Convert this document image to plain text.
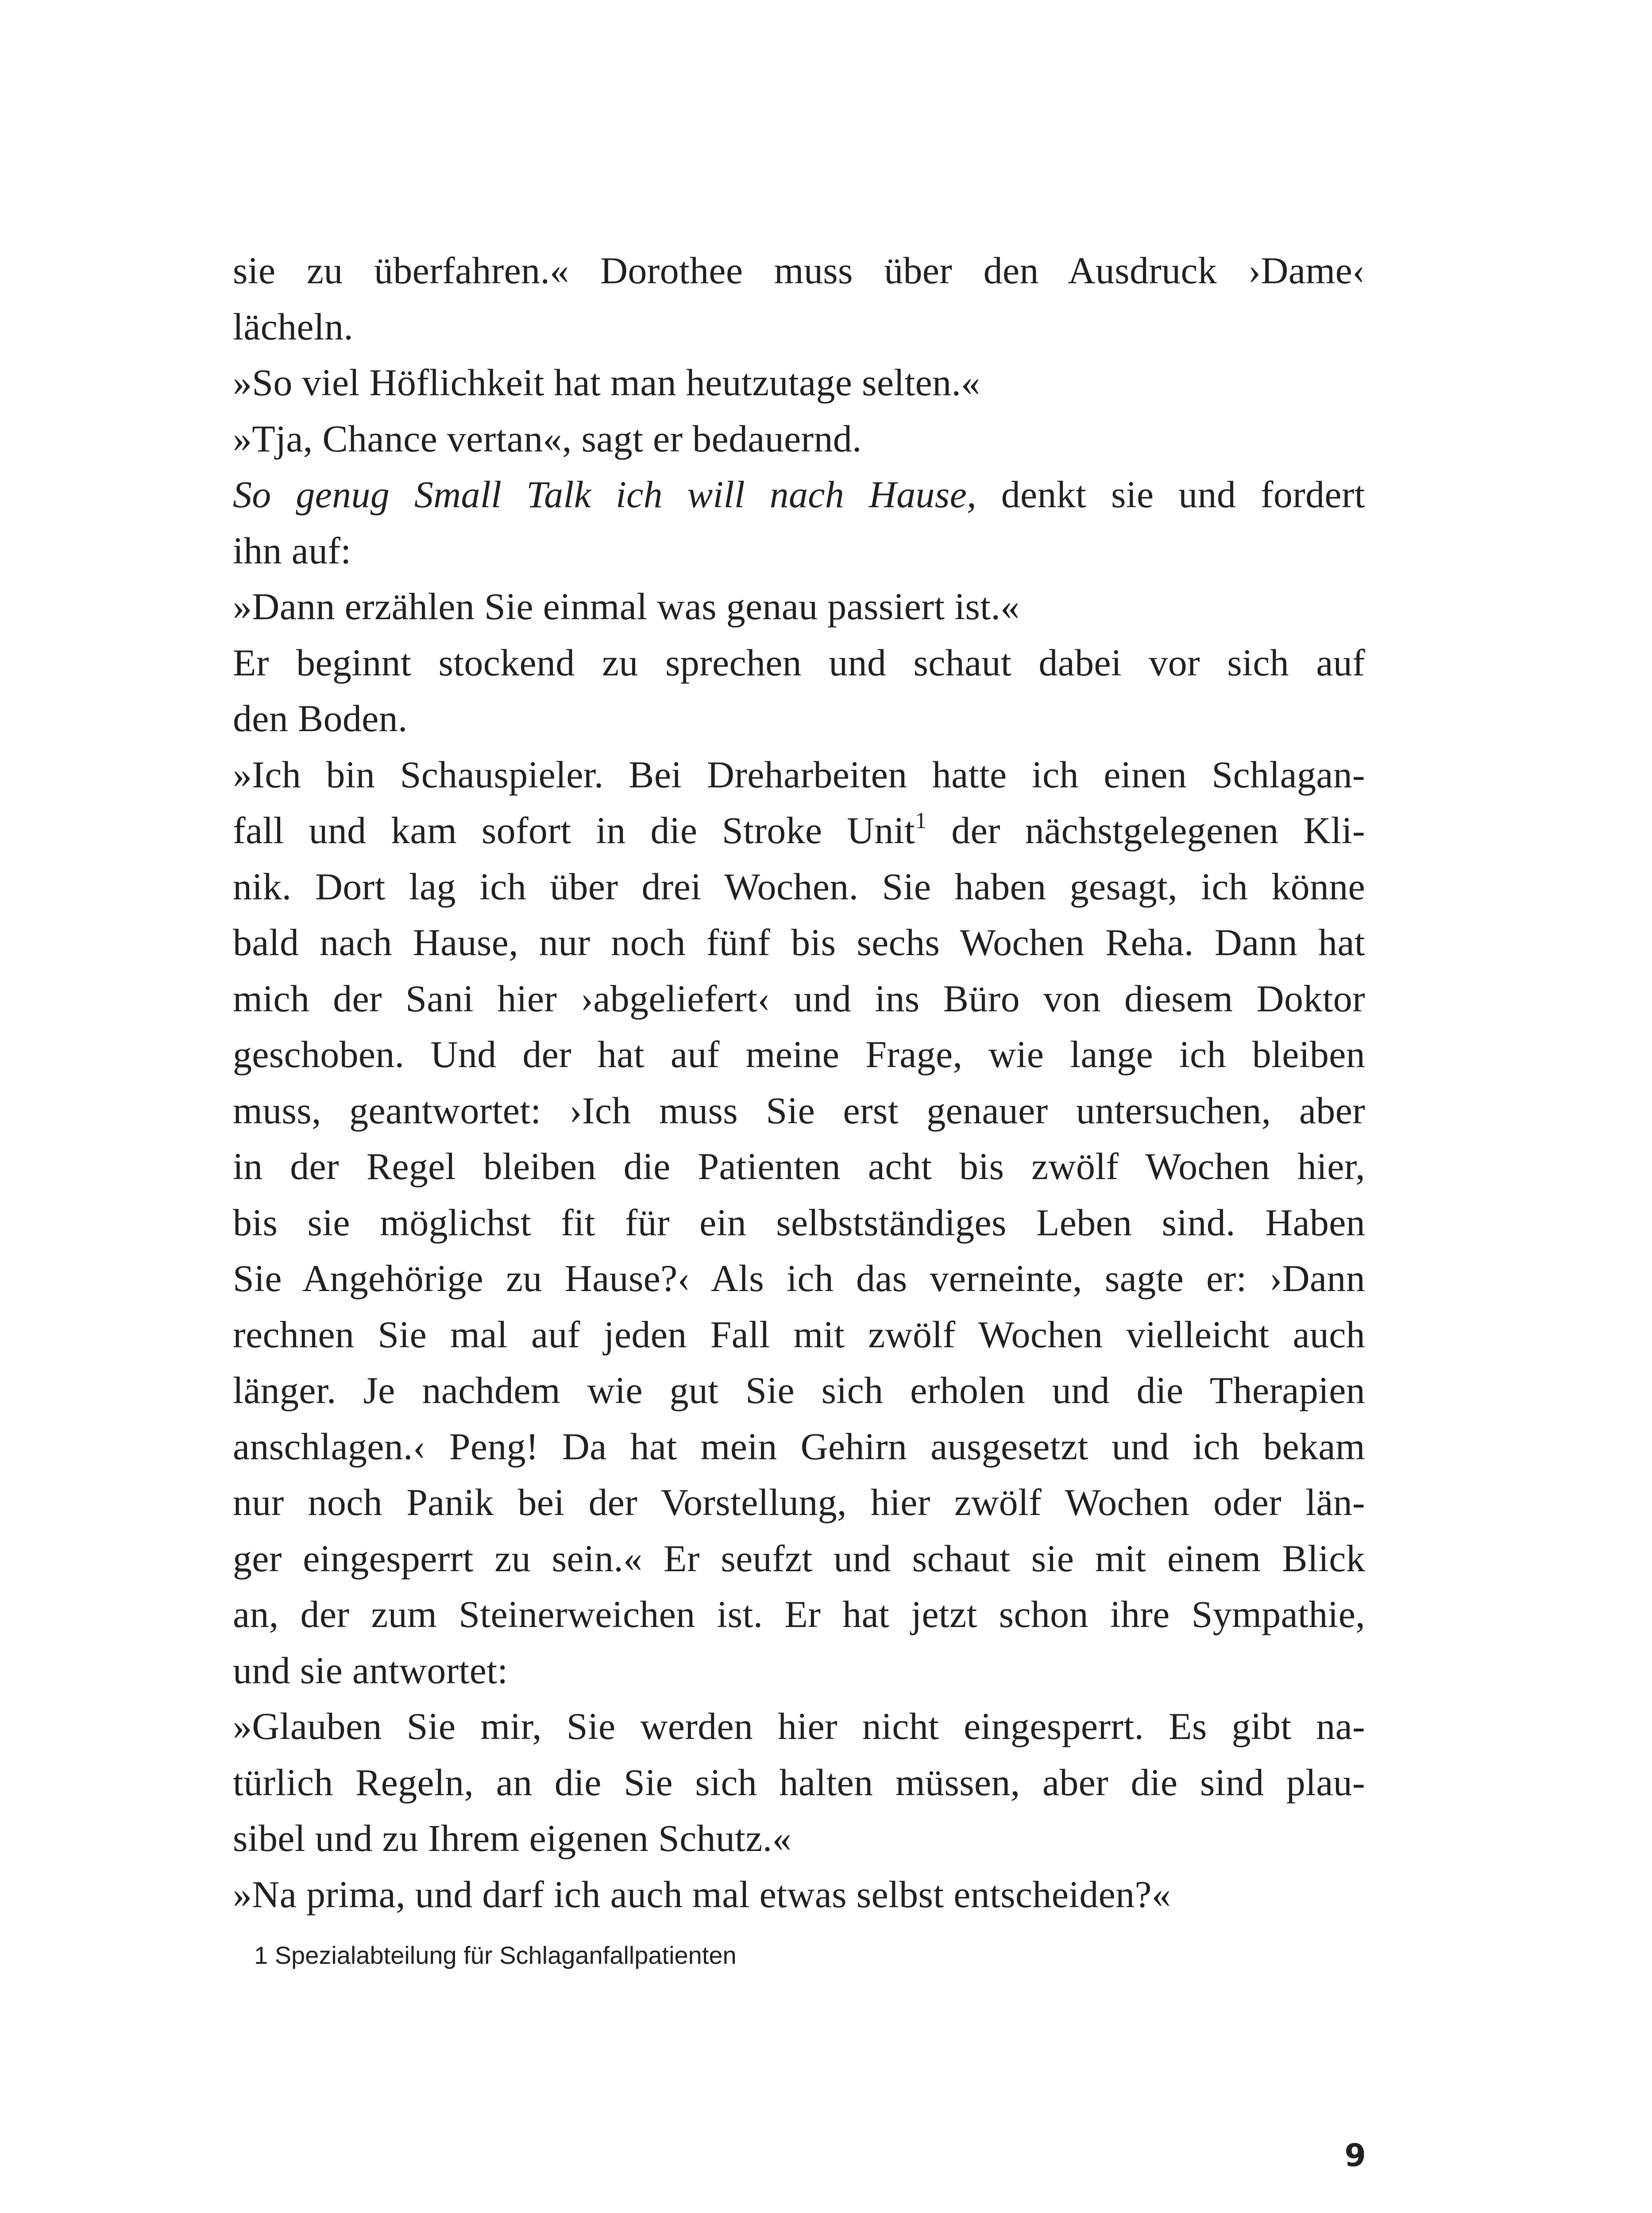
sie zu überfahren.« Dorothee muss über den Ausdruck ›Dame‹
lächeln.
»So viel Höflichkeit hat man heutzutage selten.«
»Tja, Chance vertan«, sagt er bedauernd.
So genug Small Talk ich will nach Hause, denkt sie und fordert
ihn auf:
»Dann erzählen Sie einmal was genau passiert ist.«
Er beginnt stockend zu sprechen und schaut dabei vor sich auf
den Boden.
»Ich bin Schauspieler. Bei Dreharbeiten hatte ich einen Schlagan-
fall und kam sofort in die Stroke Unit$^1$ der nächstgelegenen Kli-
nik. Dort lag ich über drei Wochen. Sie haben gesagt, ich könne
bald nach Hause, nur noch fünf bis sechs Wochen Reha. Dann hat
mich der Sani hier ›abgeliefert‹ und ins Büro von diesem Doktor
geschoben. Und der hat auf meine Frage, wie lange ich bleiben
muss, geantwortet: ›Ich muss Sie erst genauer untersuchen, aber
in der Regel bleiben die Patienten acht bis zwölf Wochen hier,
bis sie möglichst fit für ein selbstständiges Leben sind. Haben
Sie Angehörige zu Hause?‹ Als ich das verneinte, sagte er: ›Dann
rechnen Sie mal auf jeden Fall mit zwölf Wochen vielleicht auch
länger. Je nachdem wie gut Sie sich erholen und die Therapien
anschlagen.‹ Peng! Da hat mein Gehirn ausgesetzt und ich bekam
nur noch Panik bei der Vorstellung, hier zwölf Wochen oder län-
ger eingesperrt zu sein.« Er seufzt und schaut sie mit einem Blick
an, der zum Steinerweichen ist. Er hat jetzt schon ihre Sympathie,
und sie antwortet:
»Glauben Sie mir, Sie werden hier nicht eingesperrt. Es gibt na-
türlich Regeln, an die Sie sich halten müssen, aber die sind plau-
sibel und zu Ihrem eigenen Schutz.«
»Na prima, und darf ich auch mal etwas selbst entscheiden?«
1 Spezialabteilung für Schlaganfallpatienten
9
